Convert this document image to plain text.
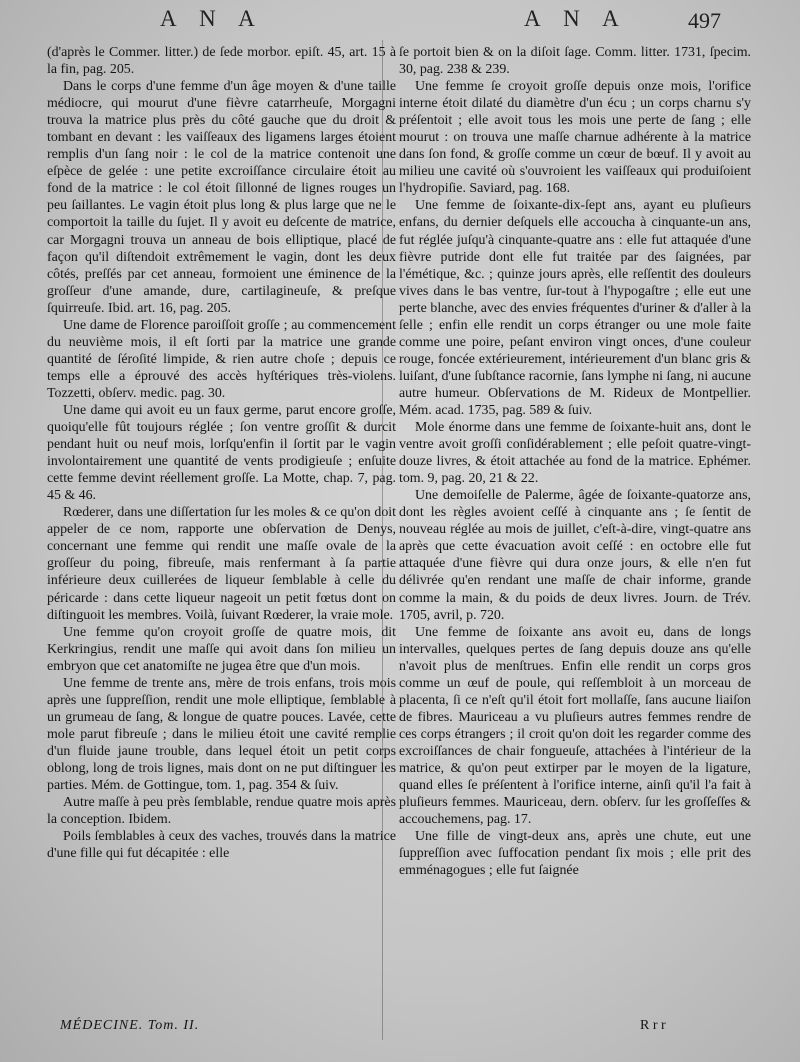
A N A	A N A	497

(d'après le Commer. litter.) de ſede morbor. epiſt. 45, art. 15 à la fin, pag. 205.

Dans le corps d'une femme d'un âge moyen & d'une taille médiocre, qui mourut d'une fièvre catarrheuſe, Morgagni trouva la matrice plus près du côté gauche que du droit & tombant en devant : les vaiſſeaux des ligamens larges étoient remplis d'un ſang noir : le col de la matrice contenoit une eſpèce de gelée : une petite excroiſſance circulaire étoit au fond de la matrice : le col étoit ſillonné de lignes rouges un peu ſaillantes. Le vagin étoit plus long & plus large que ne le comportoit la taille du ſujet. Il y avoit eu deſcente de matrice, car Morgagni trouva un anneau de bois elliptique, placé de façon qu'il diſtendoit extrêmement le vagin, dont les deux côtés, preſſés par cet anneau, formoient une éminence de la groſſeur d'une amande, dure, cartilagineuſe, & preſque ſquirreuſe. Ibid. art. 16, pag. 205.

Une dame de Florence paroiſſoit groſſe ; au commencement du neuvième mois, il eſt ſorti par la matrice une grande quantité de ſéroſité limpide, & rien autre choſe ; depuis ce temps elle a éprouvé des accès hyſtériques très-violens. Tozzetti, obſerv. medic. pag. 30.

Une dame qui avoit eu un faux germe, parut encore groſſe, quoiqu'elle fût toujours réglée ; ſon ventre groſſit & durcit pendant huit ou neuf mois, lorſqu'enfin il ſortit par le vagin involontairement une quantité de vents prodigieuſe ; enſuite cette femme devint réellement groſſe. La Motte, chap. 7, pag. 45 & 46.

Rœderer, dans une diſſertation ſur les moles & ce qu'on doit appeler de ce nom, rapporte une obſervation de Denys, concernant une femme qui rendit une maſſe ovale de la groſſeur du poing, fibreuſe, mais renfermant à ſa partie inférieure deux cuillerées de liqueur ſemblable à celle du péricarde : dans cette liqueur nageoit un petit fœtus dont on diſtinguoit les membres. Voilà, ſuivant Rœderer, la vraie mole.

Une femme qu'on croyoit groſſe de quatre mois, dit Kerkringius, rendit une maſſe qui avoit dans ſon milieu un embryon que cet anatomiſte ne jugea être que d'un mois.

Une femme de trente ans, mère de trois enfans, trois mois après une ſuppreſſion, rendit une mole elliptique, ſemblable à un grumeau de ſang, & longue de quatre pouces. Lavée, cette mole parut fibreuſe ; dans le milieu étoit une cavité remplie d'un fluide jaune trouble, dans lequel étoit un petit corps oblong, long de trois lignes, mais dont on ne put diſtinguer les parties. Mém. de Gottingue, tom. 1, pag. 354 & ſuiv.

Autre maſſe à peu près ſemblable, rendue quatre mois après la conception. Ibidem.

Poils ſemblables à ceux des vaches, trouvés dans la matrice d'une fille qui fut décapitée : elle

ſe portoit bien & on la diſoit ſage. Comm. litter. 1731, ſpecim. 30, pag. 238 & 239.

Une femme ſe croyoit groſſe depuis onze mois, l'orifice interne étoit dilaté du diamètre d'un écu ; un corps charnu s'y préſentoit ; elle avoit tous les mois une perte de ſang ; elle mourut : on trouva une maſſe charnue adhérente à la matrice dans ſon fond, & groſſe comme un cœur de bœuf. Il y avoit au milieu une cavité où s'ouvroient les vaiſſeaux qui produiſoient l'hydropiſie. Saviard, pag. 168.

Une femme de ſoixante-dix-ſept ans, ayant eu pluſieurs enfans, du dernier deſquels elle accoucha à cinquante-un ans, fut réglée juſqu'à cinquante-quatre ans : elle fut attaquée d'une fièvre putride dont elle fut traitée par des ſaignées, par l'émétique, &c. ; quinze jours après, elle reſſentit des douleurs vives dans le bas ventre, ſur-tout à l'hypogaſtre ; elle eut une perte blanche, avec des envies fréquentes d'uriner & d'aller à la ſelle ; enfin elle rendit un corps étranger ou une mole faite comme une poire, peſant environ vingt onces, d'une couleur rouge, foncée extérieurement, intérieurement d'un blanc gris & luiſant, d'une ſubſtance racornie, ſans lymphe ni ſang, ni aucune autre humeur. Obſervations de M. Rideux de Montpellier. Mém. acad. 1735, pag. 589 & ſuiv.

Mole énorme dans une femme de ſoixante-huit ans, dont le ventre avoit groſſi conſidérablement ; elle peſoit quatre-vingt-douze livres, & étoit attachée au fond de la matrice. Ephémer. tom. 9, pag. 20, 21 & 22.

Une demoiſelle de Palerme, âgée de ſoixante-quatorze ans, dont les règles avoient ceſſé à cinquante ans ; ſe ſentit de nouveau réglée au mois de juillet, c'eſt-à-dire, vingt-quatre ans après que cette évacuation avoit ceſſé : en octobre elle fut attaquée d'une fièvre qui dura onze jours, & elle n'en fut délivrée qu'en rendant une maſſe de chair informe, grande comme la main, & du poids de deux livres. Journ. de Trév. 1705, avril, p. 720.

Une femme de ſoixante ans avoit eu, dans de longs intervalles, quelques pertes de ſang depuis douze ans qu'elle n'avoit plus de menſtrues. Enfin elle rendit un corps gros comme un œuf de poule, qui reſſembloit à un morceau de placenta, ſi ce n'eſt qu'il étoit fort mollaſſe, ſans aucune liaiſon de fibres. Mauriceau a vu pluſieurs autres femmes rendre de ces corps étrangers ; il croit qu'on doit les regarder comme des excroiſſances de chair fongueuſe, attachées à l'intérieur de la matrice, & qu'on peut extirper par le moyen de la ligature, quand elles ſe préſentent à l'orifice interne, ainſi qu'il l'a fait à pluſieurs femmes. Mauriceau, dern. obſerv. ſur les groſſeſſes & accouchemens, pag. 17.

Une fille de vingt-deux ans, après une chute, eut une ſuppreſſion avec ſuffocation pendant ſix mois ; elle prit des emménagogues ; elle fut ſaignée

MÉDECINE. Tom. II.	R r r
